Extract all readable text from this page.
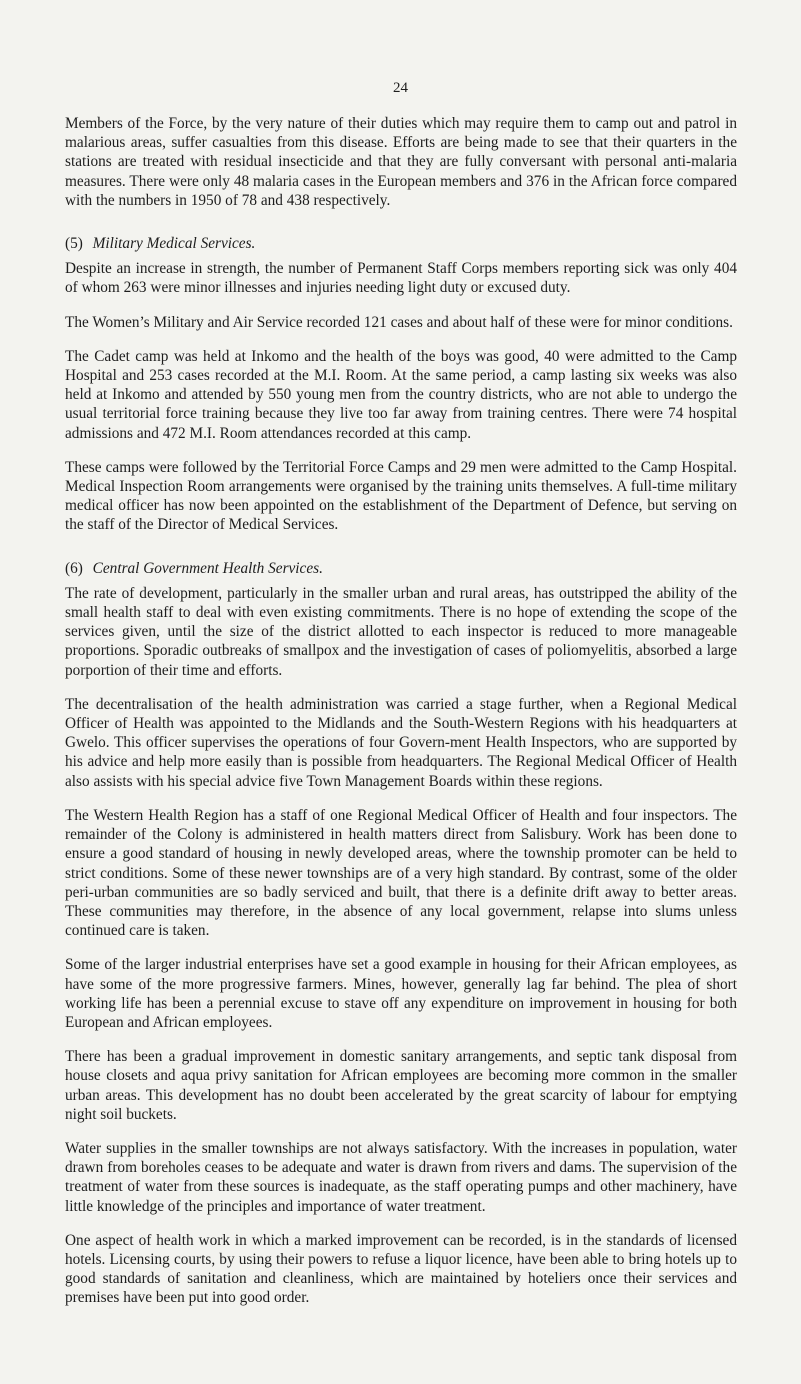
24

Members of the Force, by the very nature of their duties which may require them to camp out and patrol in malarious areas, suffer casualties from this disease. Efforts are being made to see that their quarters in the stations are treated with residual insecticide and that they are fully conversant with personal anti-malaria measures. There were only 48 malaria cases in the European members and 376 in the African force compared with the numbers in 1950 of 78 and 438 respectively.

(5) Military Medical Services.

Despite an increase in strength, the number of Permanent Staff Corps members reporting sick was only 404 of whom 263 were minor illnesses and injuries needing light duty or excused duty.

The Women’s Military and Air Service recorded 121 cases and about half of these were for minor conditions.

The Cadet camp was held at Inkomo and the health of the boys was good, 40 were admitted to the Camp Hospital and 253 cases recorded at the M.I. Room. At the same period, a camp lasting six weeks was also held at Inkomo and attended by 550 young men from the country districts, who are not able to undergo the usual territorial force training because they live too far away from training centres. There were 74 hospital admissions and 472 M.I. Room attendances recorded at this camp.

These camps were followed by the Territorial Force Camps and 29 men were admitted to the Camp Hospital. Medical Inspection Room arrangements were organised by the training units themselves. A full-time military medical officer has now been appointed on the establishment of the Department of Defence, but serving on the staff of the Director of Medical Services.

(6) Central Government Health Services.

The rate of development, particularly in the smaller urban and rural areas, has outstripped the ability of the small health staff to deal with even existing commitments. There is no hope of extending the scope of the services given, until the size of the district allotted to each inspector is reduced to more manageable proportions. Sporadic outbreaks of smallpox and the investigation of cases of poliomyelitis, absorbed a large porportion of their time and efforts.

The decentralisation of the health administration was carried a stage further, when a Regional Medical Officer of Health was appointed to the Midlands and the South-Western Regions with his headquarters at Gwelo. This officer supervises the operations of four Govern-ment Health Inspectors, who are supported by his advice and help more easily than is possible from headquarters. The Regional Medical Officer of Health also assists with his special advice five Town Management Boards within these regions.

The Western Health Region has a staff of one Regional Medical Officer of Health and four inspectors. The remainder of the Colony is administered in health matters direct from Salisbury. Work has been done to ensure a good standard of housing in newly developed areas, where the township promoter can be held to strict conditions. Some of these newer townships are of a very high standard. By contrast, some of the older peri-urban communities are so badly serviced and built, that there is a definite drift away to better areas. These communities may therefore, in the absence of any local government, relapse into slums unless continued care is taken.

Some of the larger industrial enterprises have set a good example in housing for their African employees, as have some of the more progressive farmers. Mines, however, generally lag far behind. The plea of short working life has been a perennial excuse to stave off any expenditure on improvement in housing for both European and African employees.

There has been a gradual improvement in domestic sanitary arrangements, and septic tank disposal from house closets and aqua privy sanitation for African employees are becoming more common in the smaller urban areas. This development has no doubt been accelerated by the great scarcity of labour for emptying night soil buckets.

Water supplies in the smaller townships are not always satisfactory. With the increases in population, water drawn from boreholes ceases to be adequate and water is drawn from rivers and dams. The supervision of the treatment of water from these sources is inadequate, as the staff operating pumps and other machinery, have little knowledge of the principles and importance of water treatment.

One aspect of health work in which a marked improvement can be recorded, is in the standards of licensed hotels. Licensing courts, by using their powers to refuse a liquor licence, have been able to bring hotels up to good standards of sanitation and cleanliness, which are maintained by hoteliers once their services and premises have been put into good order.
